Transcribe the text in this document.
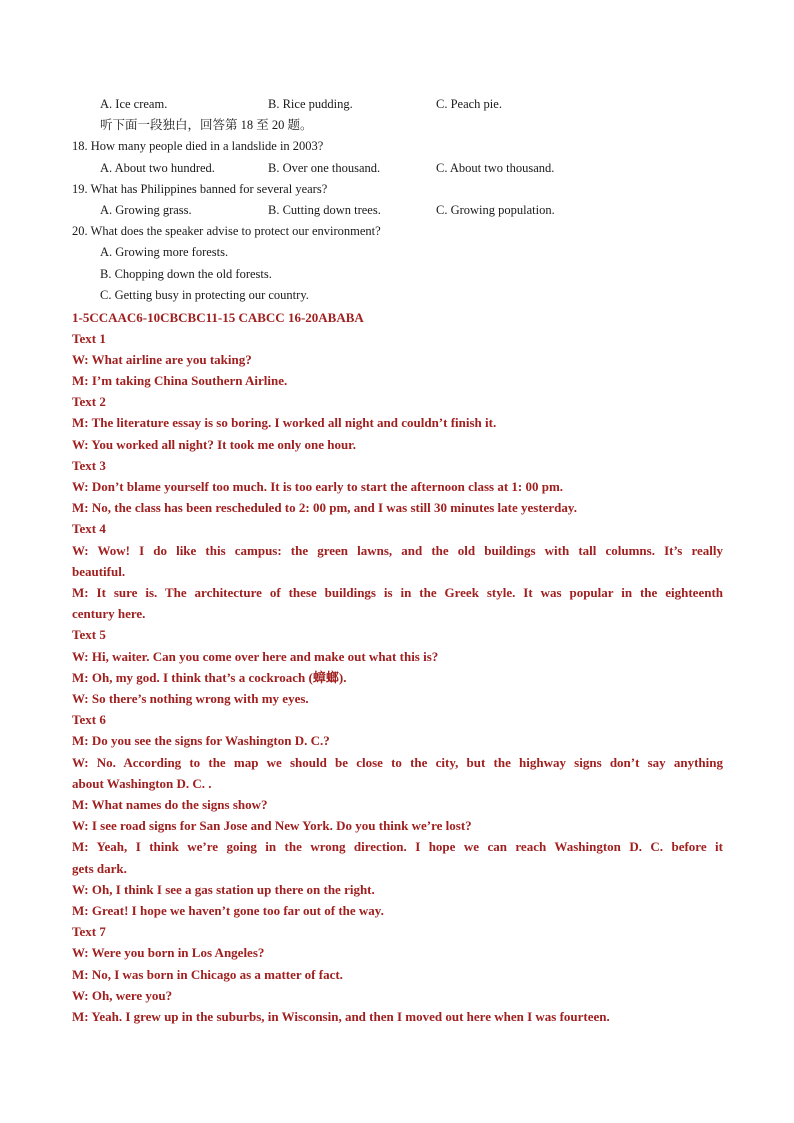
A. Ice cream.	B. Rice pudding.	C. Peach pie.
听下面一段独白，回答第 18 至 20 题。
18. How many people died in a landslide in 2003?
A. About two hundred.	B. Over one thousand.	C. About two thousand.
19. What has Philippines banned for several years?
A. Growing grass.	B. Cutting down trees.	C. Growing population.
20. What does the speaker advise to protect our environment?
A. Growing more forests.
B. Chopping down the old forests.
C. Getting busy in protecting our country.
1-5CCAAC6-10CBCBC11-15 CABCC 16-20ABABA
Text 1
W: What airline are you taking?
M: I’m taking China Southern Airline.
Text 2
M: The literature essay is so boring. I worked all night and couldn’t finish it.
W: You worked all night? It took me only one hour.
Text 3
W: Don’t blame yourself too much. It is too early to start the afternoon class at 1: 00 pm.
M: No, the class has been rescheduled to 2: 00 pm, and I was still 30 minutes late yesterday.
Text 4
W: Wow! I do like this campus: the green lawns, and the old buildings with tall columns. It’s really
beautiful.
M: It sure is. The architecture of these buildings is in the Greek style. It was popular in the eighteenth
century here.
Text 5
W: Hi, waiter. Can you come over here and make out what this is?
M: Oh, my god. I think that’s a cockroach (蟑螂).
W: So there’s nothing wrong with my eyes.
Text 6
M: Do you see the signs for Washington D. C.?
W: No. According to the map we should be close to the city, but the highway signs don’t say anything
about Washington D. C. .
M: What names do the signs show?
W: I see road signs for San Jose and New York. Do you think we’re lost?
M: Yeah, I think we’re going in the wrong direction. I hope we can reach Washington D. C. before it
gets dark.
W: Oh, I think I see a gas station up there on the right.
M: Great! I hope we haven’t gone too far out of the way.
Text 7
W: Were you born in Los Angeles?
M: No, I was born in Chicago as a matter of fact.
W: Oh, were you?
M: Yeah. I grew up in the suburbs, in Wisconsin, and then I moved out here when I was fourteen.
